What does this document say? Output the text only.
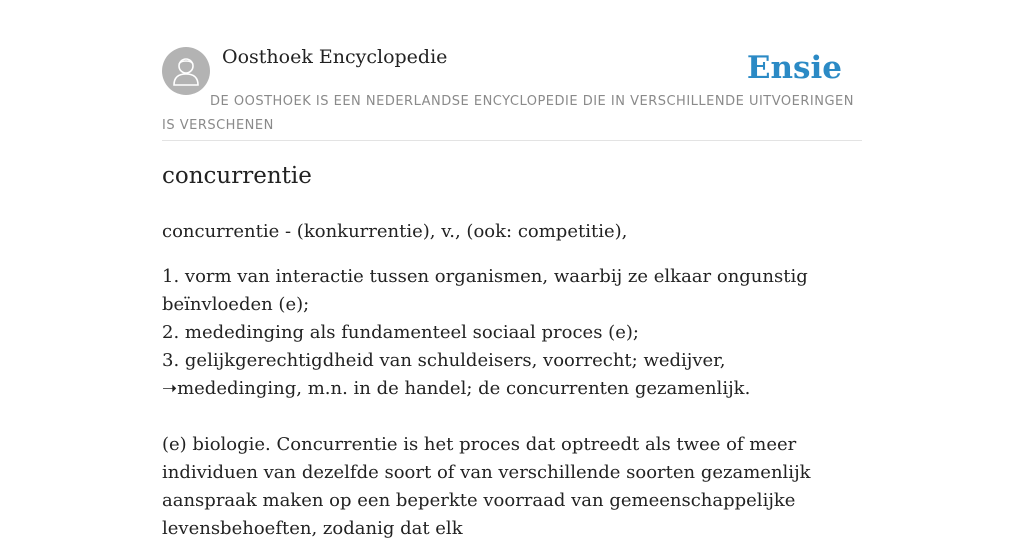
Oosthoek Encyclopedie	Ensie
DE OOSTHOEK IS EEN NEDERLANDSE ENCYCLOPEDIE DIE IN VERSCHILLENDE UITVOERINGEN IS VERSCHENEN
concurrentie
concurrentie - (konkurrentie), v., (ook: competitie),
1. vorm van interactie tussen organismen, waarbij ze elkaar ongunstig beïnvloeden (e);
2. mededinging als fundamenteel sociaal proces (e);
3. gelijkgerechtigdheid van schuldeisers, voorrecht; wedijver, ➝mededinging, m.n. in de handel; de concurrenten gezamenlijk.
(e) biologie. Concurrentie is het proces dat optreedt als twee of meer individuen van dezelfde soort of van verschillende soorten gezamenlijk aanspraak maken op een beperkte voorraad van gemeenschappelijke levensbehoeften, zodanig dat elk
